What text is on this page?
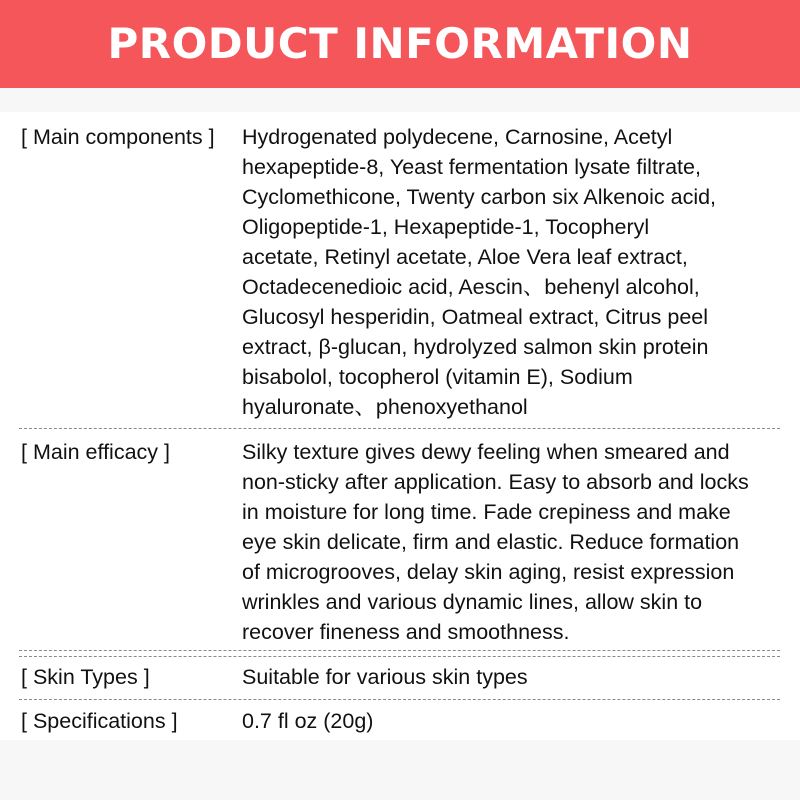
PRODUCT INFORMATION
[ Main components ] Hydrogenated polydecene, Carnosine, Acetyl
hexapeptide-8, Yeast fermentation lysate filtrate,
Cyclomethicone, Twenty carbon six Alkenoic acid,
Oligopeptide-1, Hexapeptide-1, Tocopheryl
acetate, Retinyl acetate, Aloe Vera leaf extract,
Octadecenedioic acid, Aescin、behenyl alcohol,
Glucosyl hesperidin, Oatmeal extract, Citrus peel
extract, β-glucan, hydrolyzed salmon skin protein
bisabolol, tocopherol (vitamin E), Sodium
hyaluronate、phenoxyethanol
[ Main efficacy ]	Silky texture gives dewy feeling when smeared and
non-sticky after application. Easy to absorb and locks
in moisture for long time. Fade crepiness and make
eye skin delicate, firm and elastic. Reduce formation
of microgrooves, delay skin aging, resist expression
wrinkles and various dynamic lines, allow skin to
recover fineness and smoothness.
[ Skin Types ]	Suitable for various skin types
[ Specifications ]	0.7 fl oz (20g)
